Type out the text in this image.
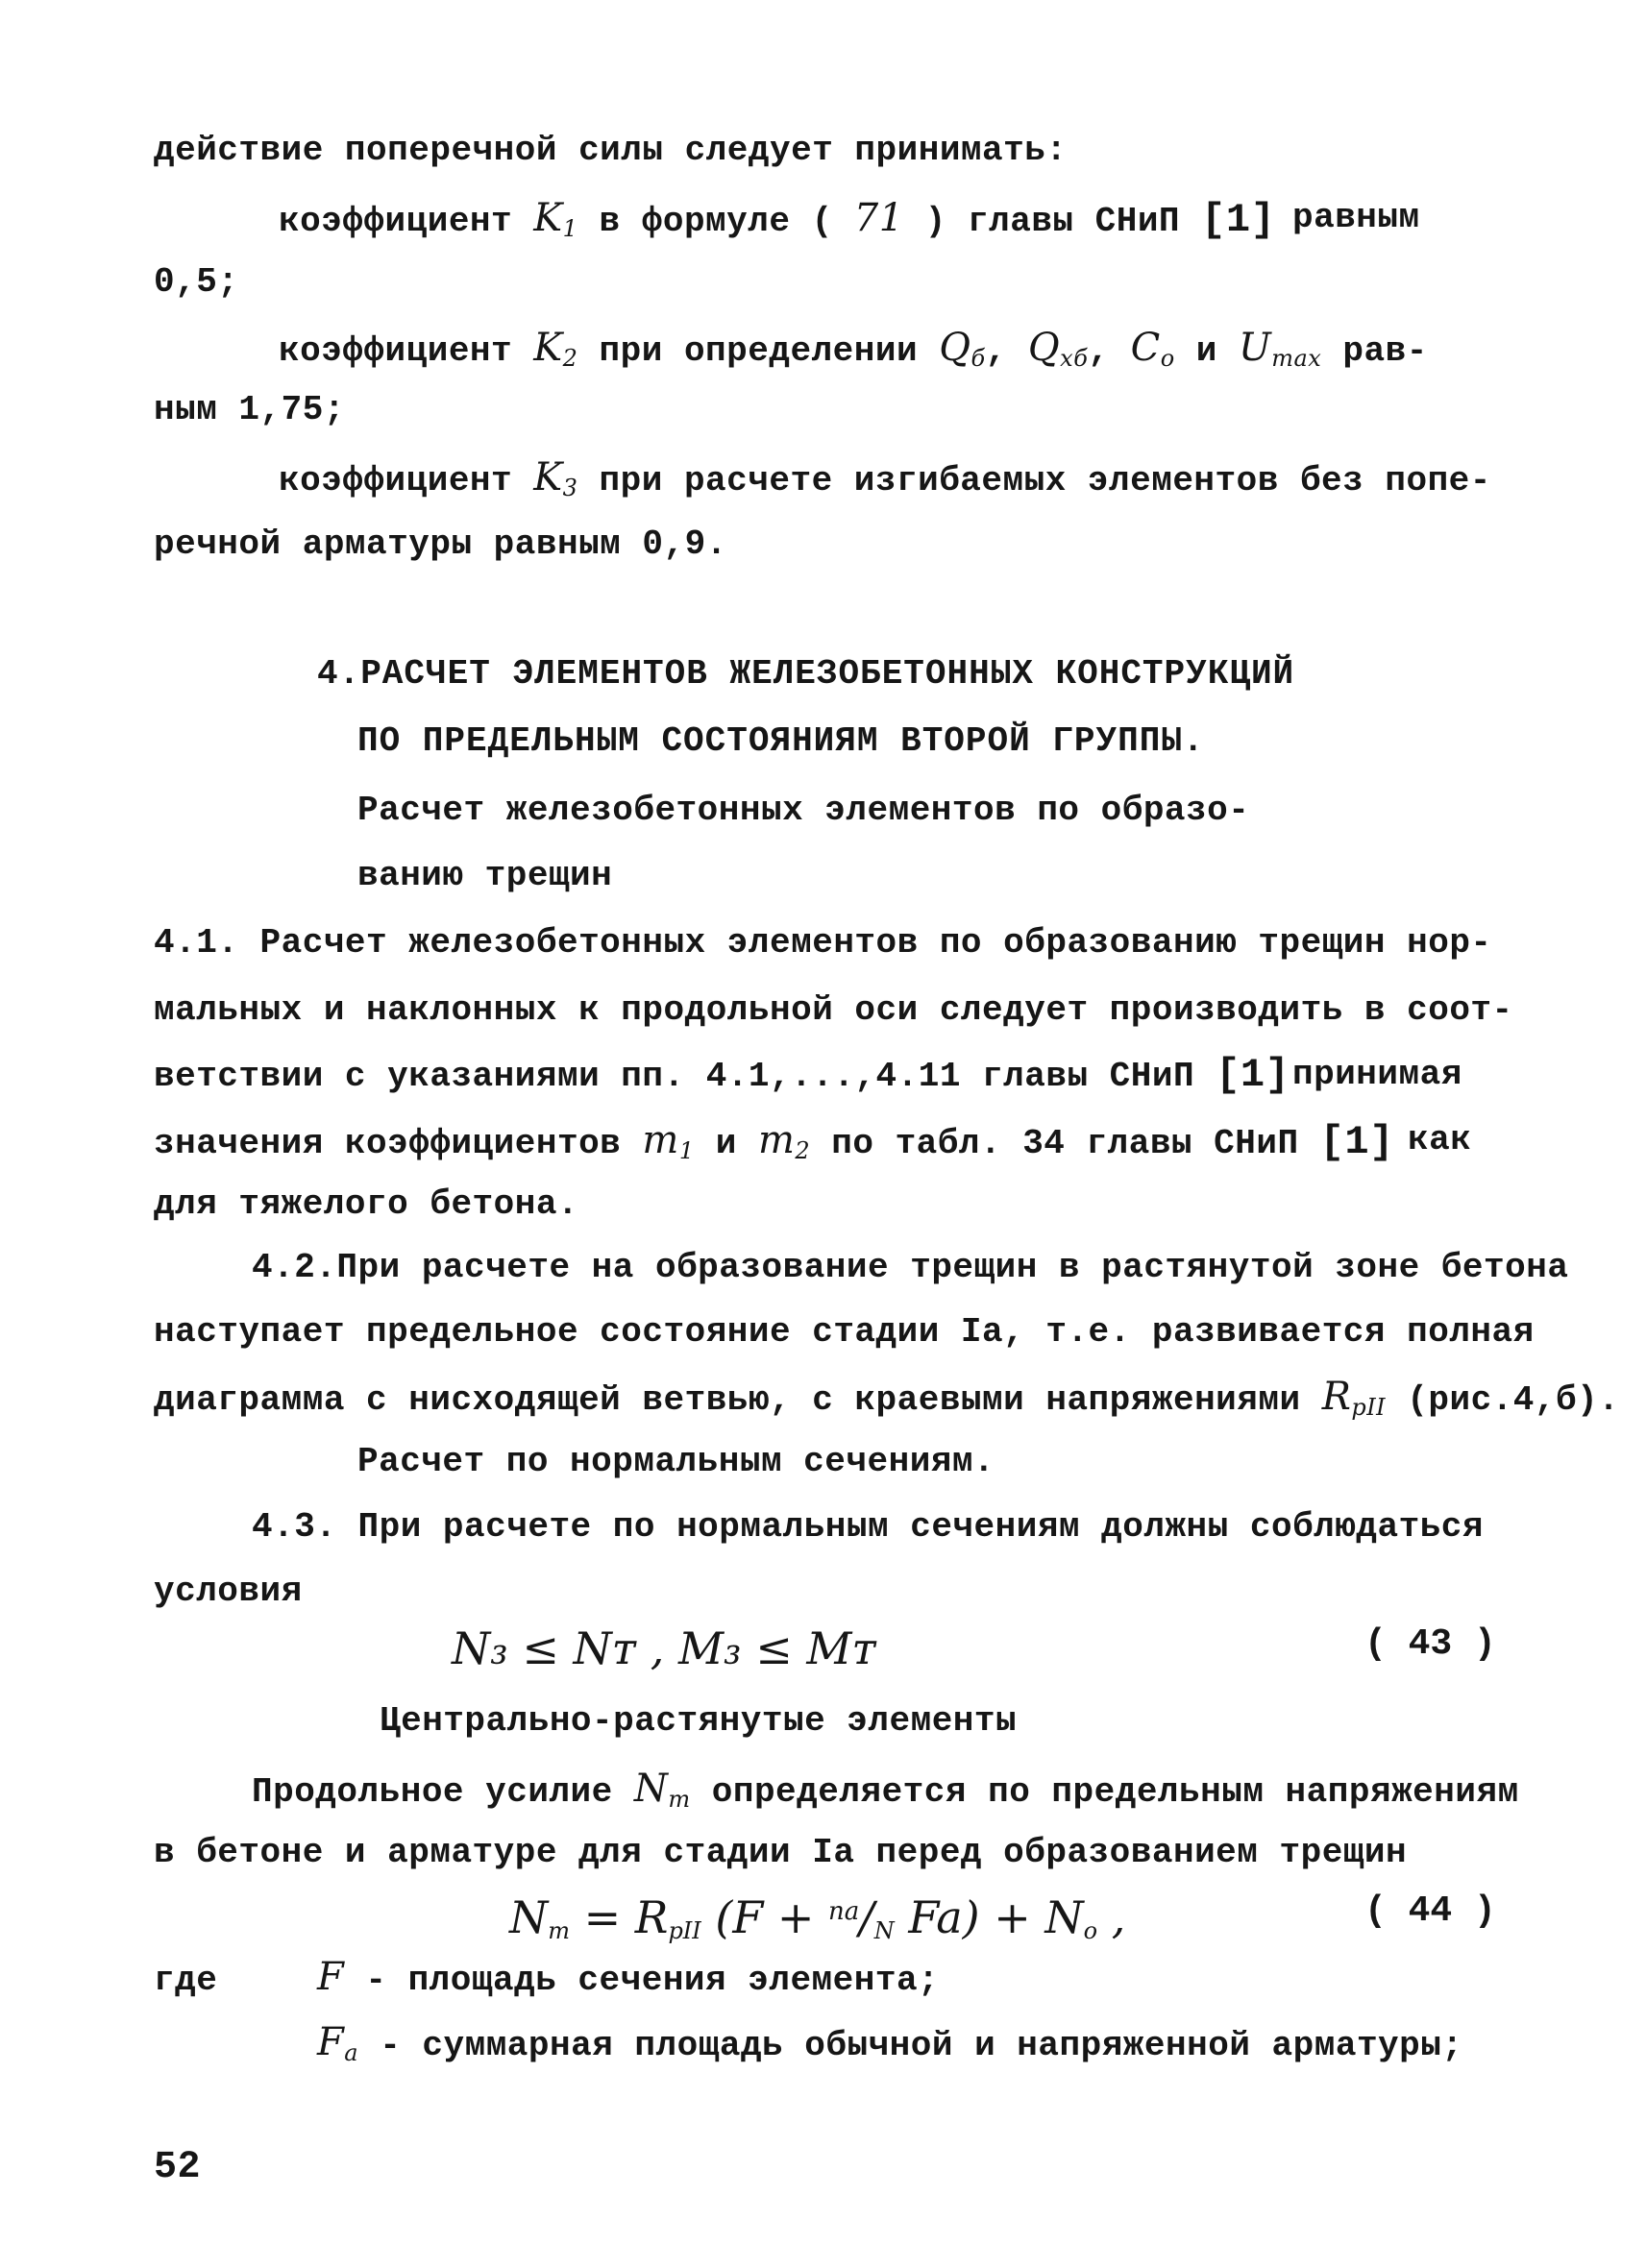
действие поперечной силы следует принимать:
коэффициент $K_1$ в формуле ( 71 ) главы СНиП [1] равным
0,5;
коэффициент $K_2$ при определении $Q_б$, $Q_{xб}$, $C_o$ и $U_{max}$ рав-
ным 1,75;
коэффициент $K_3$ при расчете изгибаемых элементов без попе-
речной арматуры равным 0,9.
4.РАСЧЕТ ЭЛЕМЕНТОВ ЖЕЛЕЗОБЕТОННЫХ КОНСТРУКЦИЙ
ПО ПРЕДЕЛЬНЫМ СОСТОЯНИЯМ ВТОРОЙ ГРУППЫ.
Расчет железобетонных элементов по образо-
ванию трещин
4.1. Расчет железобетонных элементов по образованию трещин нор-
мальных и наклонных к продольной оси следует производить в соот-
ветствии с указаниями пп. 4.1,...,4.11 главы СНиП [1] принимая
значения коэффициентов $m_1$ и $m_2$ по табл. 34 главы СНиП [1] как
для тяжелого бетона.
4.2.При расчете на образование трещин в растянутой зоне бетона
наступает предельное состояние стадии Iа, т.е. развивается полная
диаграмма с нисходящей ветвью, с краевыми напряжениями $R_{pII}$ (рис.4,б).
Расчет по нормальным сечениям.
4.3. При расчете по нормальным сечениям должны соблюдаться
условия
N₃ ≤ Nᴛ , M₃ ≤ Mᴛ	( 43 )
Центрально-растянутые элементы
Продольное усилие $N_т$ определяется по предельным напряжениям
в бетоне и арматуре для стадии Iа перед образованием трещин
$N_т = R_{pII}$ ($F + ^{na}/_N$ $Fa) + N_o$ ,	( 44 )
где	F - площадь сечения элемента;
$F_a$ - суммарная площадь обычной и напряженной арматуры;
52
